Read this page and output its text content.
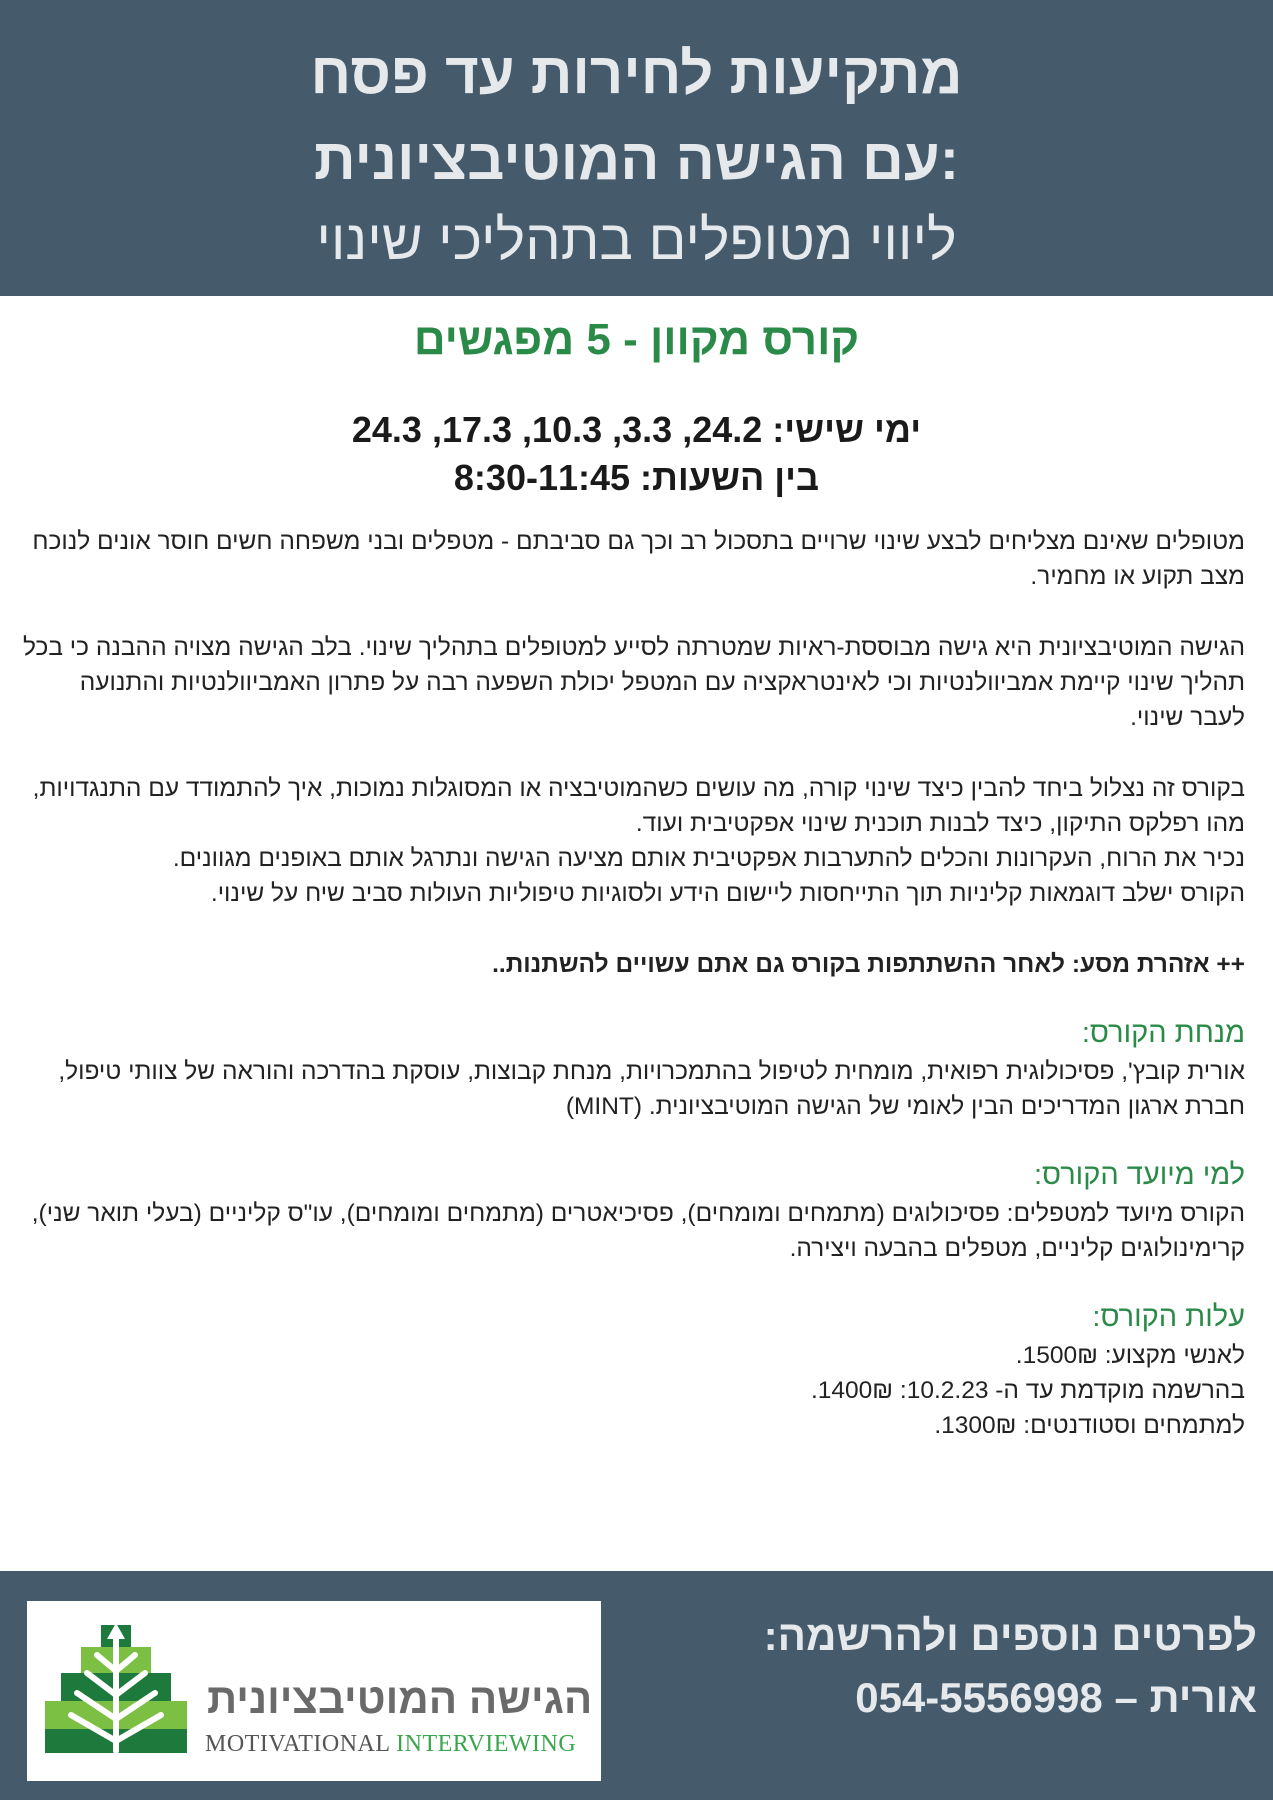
מתקיעות לחירות עד פסח
עם הגישה המוטיבציונית:
ליווי מטופלים בתהליכי שינוי
קורס מקוון - 5 מפגשים
ימי שישי: 24.2, 3.3, 10.3, 17.3, 24.3
בין השעות: 8:30-11:45

מטופלים שאינם מצליחים לבצע שינוי שרויים בתסכול רב וכך גם סביבתם - מטפלים ובני משפחה חשים חוסר אונים לנוכח מצב תקוע או מחמיר.

הגישה המוטיבציונית היא גישה מבוססת-ראיות שמטרתה לסייע למטופלים בתהליך שינוי. בלב הגישה מצויה ההבנה כי בכל תהליך שינוי קיימת אמביוולנטיות וכי לאינטראקציה עם המטפל יכולת השפעה רבה על פתרון האמביוולנטיות והתנועה לעבר שינוי.

בקורס זה נצלול ביחד להבין כיצד שינוי קורה, מה עושים כשהמוטיבציה או המסוגלות נמוכות, איך להתמודד עם התנגדויות, מהו רפלקס התיקון, כיצד לבנות תוכנית שינוי אפקטיבית ועוד.

נכיר את הרוח, העקרונות והכלים להתערבות אפקטיבית אותם מציעה הגישה ונתרגל אותם באופנים מגוונים.

הקורס ישלב דוגמאות קליניות תוך התייחסות ליישום הידע ולסוגיות טיפוליות העולות סביב שיח על שינוי.

++ אזהרת מסע: לאחר ההשתתפות בקורס גם אתם עשויים להשתנות..

מנחת הקורס:

אורית קובץ', פסיכולוגית רפואית, מומחית לטיפול בהתמכרויות, מנחת קבוצות, עוסקת בהדרכה והוראה של צוותי טיפול, חברת ארגון המדריכים הבין לאומי של הגישה המוטיבציונית. (MINT)

למי מיועד הקורס:

הקורס מיועד למטפלים: פסיכולוגים (מתמחים ומומחים), פסיכיאטרים (מתמחים ומומחים), עו"ס קליניים (בעלי תואר שני), קרימינולוגים קליניים, מטפלים בהבעה ויצירה.

עלות הקורס:

לאנשי מקצוע: 1500₪.

בהרשמה מוקדמת עד ה- 10.2.23: 1400₪.

למתמחים וסטודנטים: 1300₪.

הגישה המוטיבציונית
MOTIVATIONAL INTERVIEWING
לפרטים נוספים ולהרשמה:
אורית – 054-5556998
